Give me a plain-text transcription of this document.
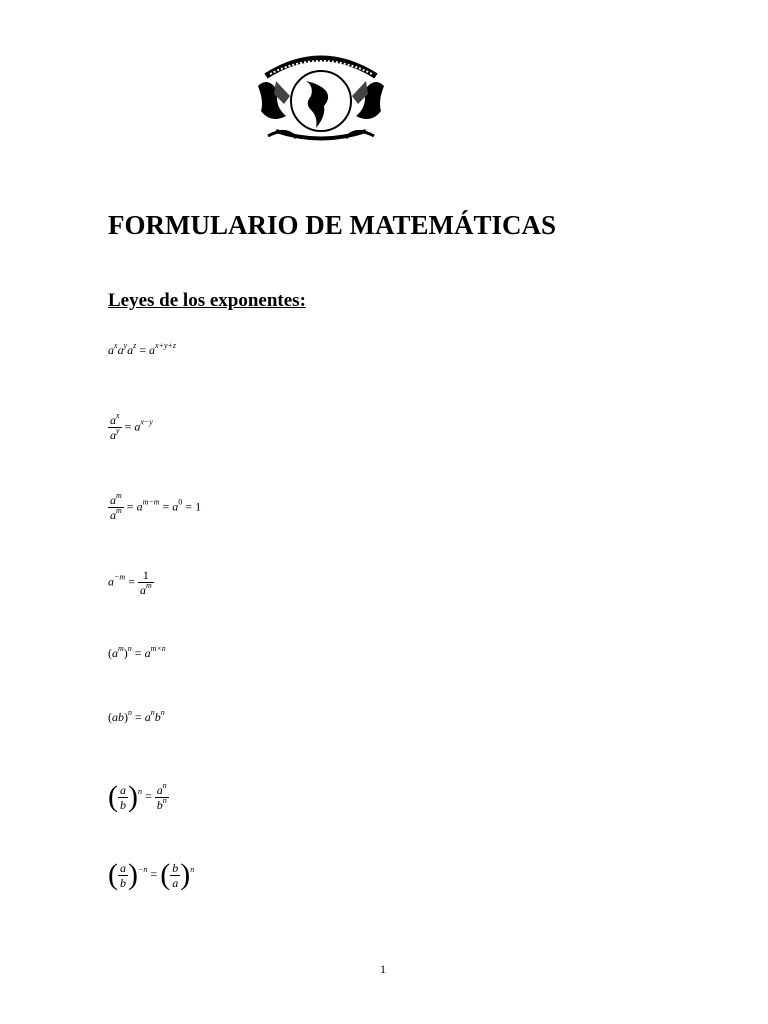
FORMULARIO DE MATEMÁTICAS
Leyes de los exponentes:
$a^xa^ya^z = a^{x+y+z}$
$\frac{a^x}{a^y} = a^{x-y}$
$\frac{a^m}{a^m} = a^{m-m} = a^0 = 1$
$a^{-m} = \frac{1}{a^m}$
$(a^m)^n = a^{m\times n}$
$(ab)^n = a^nb^n$
( $\frac{a}{b} )^n = \frac{a^n}{b^n}$
( $\frac{a}{b} )^{-n}$ = ( $\frac{b}{a} )^n$
1
